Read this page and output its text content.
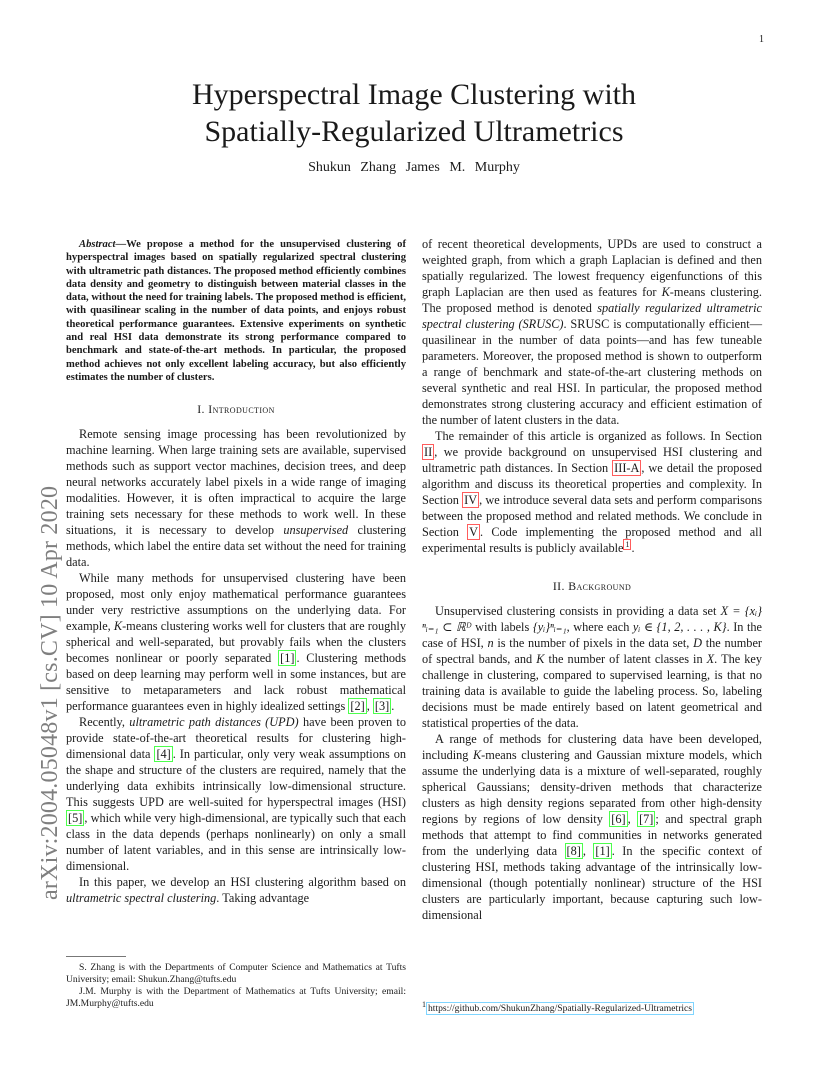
1
arXiv:2004.05048v1 [cs.CV] 10 Apr 2020
Hyperspectral Image Clustering with
Spatially-Regularized Ultrametrics
Shukun Zhang James M. Murphy

Abstract—We propose a method for the unsupervised clustering of hyperspectral images based on spatially regularized spectral clustering with ultrametric path distances. The proposed method efficiently combines data density and geometry to distinguish between material classes in the data, without the need for training labels. The proposed method is efficient, with quasilinear scaling in the number of data points, and enjoys robust theoretical performance guarantees. Extensive experiments on synthetic and real HSI data demonstrate its strong performance compared to benchmark and state-of-the-art methods. In particular, the proposed method achieves not only excellent labeling accuracy, but also efficiently estimates the number of clusters.

I. Introduction

Remote sensing image processing has been revolutionized by machine learning. When large training sets are available, supervised methods such as support vector machines, decision trees, and deep neural networks accurately label pixels in a wide range of imaging modalities. However, it is often impractical to acquire the large training sets necessary for these methods to work well. In these situations, it is necessary to develop unsupervised clustering methods, which label the entire data set without the need for training data.

While many methods for unsupervised clustering have been proposed, most only enjoy mathematical performance guarantees under very restrictive assumptions on the underlying data. For example, K-means clustering works well for clusters that are roughly spherical and well-separated, but provably fails when the clusters becomes nonlinear or poorly separated [1] . Clustering methods based on deep learning may perform well in some instances, but are sensitive to metaparameters and lack robust mathematical performance guarantees even in highly idealized settings [2] , [3] .

Recently, ultrametric path distances (UPD) have been proven to provide state-of-the-art theoretical results for clustering high-dimensional data [4] . In particular, only very weak assumptions on the shape and structure of the clusters are required, namely that the underlying data exhibits intrinsically low-dimensional structure. This suggests UPD are well-suited for hyperspectral images (HSI) [5] , which while very high-dimensional, are typically such that each class in the data depends (perhaps nonlinearly) on only a small number of latent variables, and in this sense are intrinsically low-dimensional.

In this paper, we develop an HSI clustering algorithm based on ultrametric spectral clustering. Taking advantage

S. Zhang is with the Departments of Computer Science and Mathematics at Tufts University; email: Shukun.Zhang@tufts.edu

J.M. Murphy is with the Department of Mathematics at Tufts University; email: JM.Murphy@tufts.edu

of recent theoretical developments, UPDs are used to construct a weighted graph, from which a graph Laplacian is defined and then spatially regularized. The lowest frequency eigenfunctions of this graph Laplacian are then used as features for K-means clustering. The proposed method is denoted spatially regularized ultrametric spectral clustering (SRUSC). SRUSC is computationally efficient—quasilinear in the number of data points—and has few tuneable parameters. Moreover, the proposed method is shown to outperform a range of benchmark and state-of-the-art clustering methods on several synthetic and real HSI. In particular, the proposed method demonstrates strong clustering accuracy and efficient estimation of the number of latent clusters in the data.

The remainder of this article is organized as follows. In Section II , we provide background on unsupervised HSI clustering and ultrametric path distances. In Section III-A , we detail the proposed algorithm and discuss its theoretical properties and complexity. In Section IV , we introduce several data sets and perform comparisons between the proposed method and related methods. We conclude in Section V . Code implementing the proposed method and all experimental results is publicly available $^1$ .

II. Background

Unsupervised clustering consists in providing a data set X = {xᵢ}ⁿᵢ₌₁ ⊂ ℝᴰ with labels {yᵢ}ⁿᵢ₌₁, where each yᵢ ∈ {1, 2, . . . , K}. In the case of HSI, n is the number of pixels in the data set, D the number of spectral bands, and K the number of latent classes in X. The key challenge in clustering, compared to supervised learning, is that no training data is available to guide the labeling process. So, labeling decisions must be made entirely based on latent geometrical and statistical properties of the data.

A range of methods for clustering data have been developed, including K-means clustering and Gaussian mixture models, which assume the underlying data is a mixture of well-separated, roughly spherical Gaussians; density-driven methods that characterize clusters as high density regions separated from other high-density regions by regions of low density [6] , [7] ; and spectral graph methods that attempt to find communities in networks generated from the underlying data [8] , [1] . In the specific context of clustering HSI, methods taking advantage of the intrinsically low-dimensional (though potentially nonlinear) structure of the HSI clusters are particularly important, because capturing such low-dimensional

$^1$ https://github.com/ShukunZhang/Spatially-Regularized-Ultrametrics
